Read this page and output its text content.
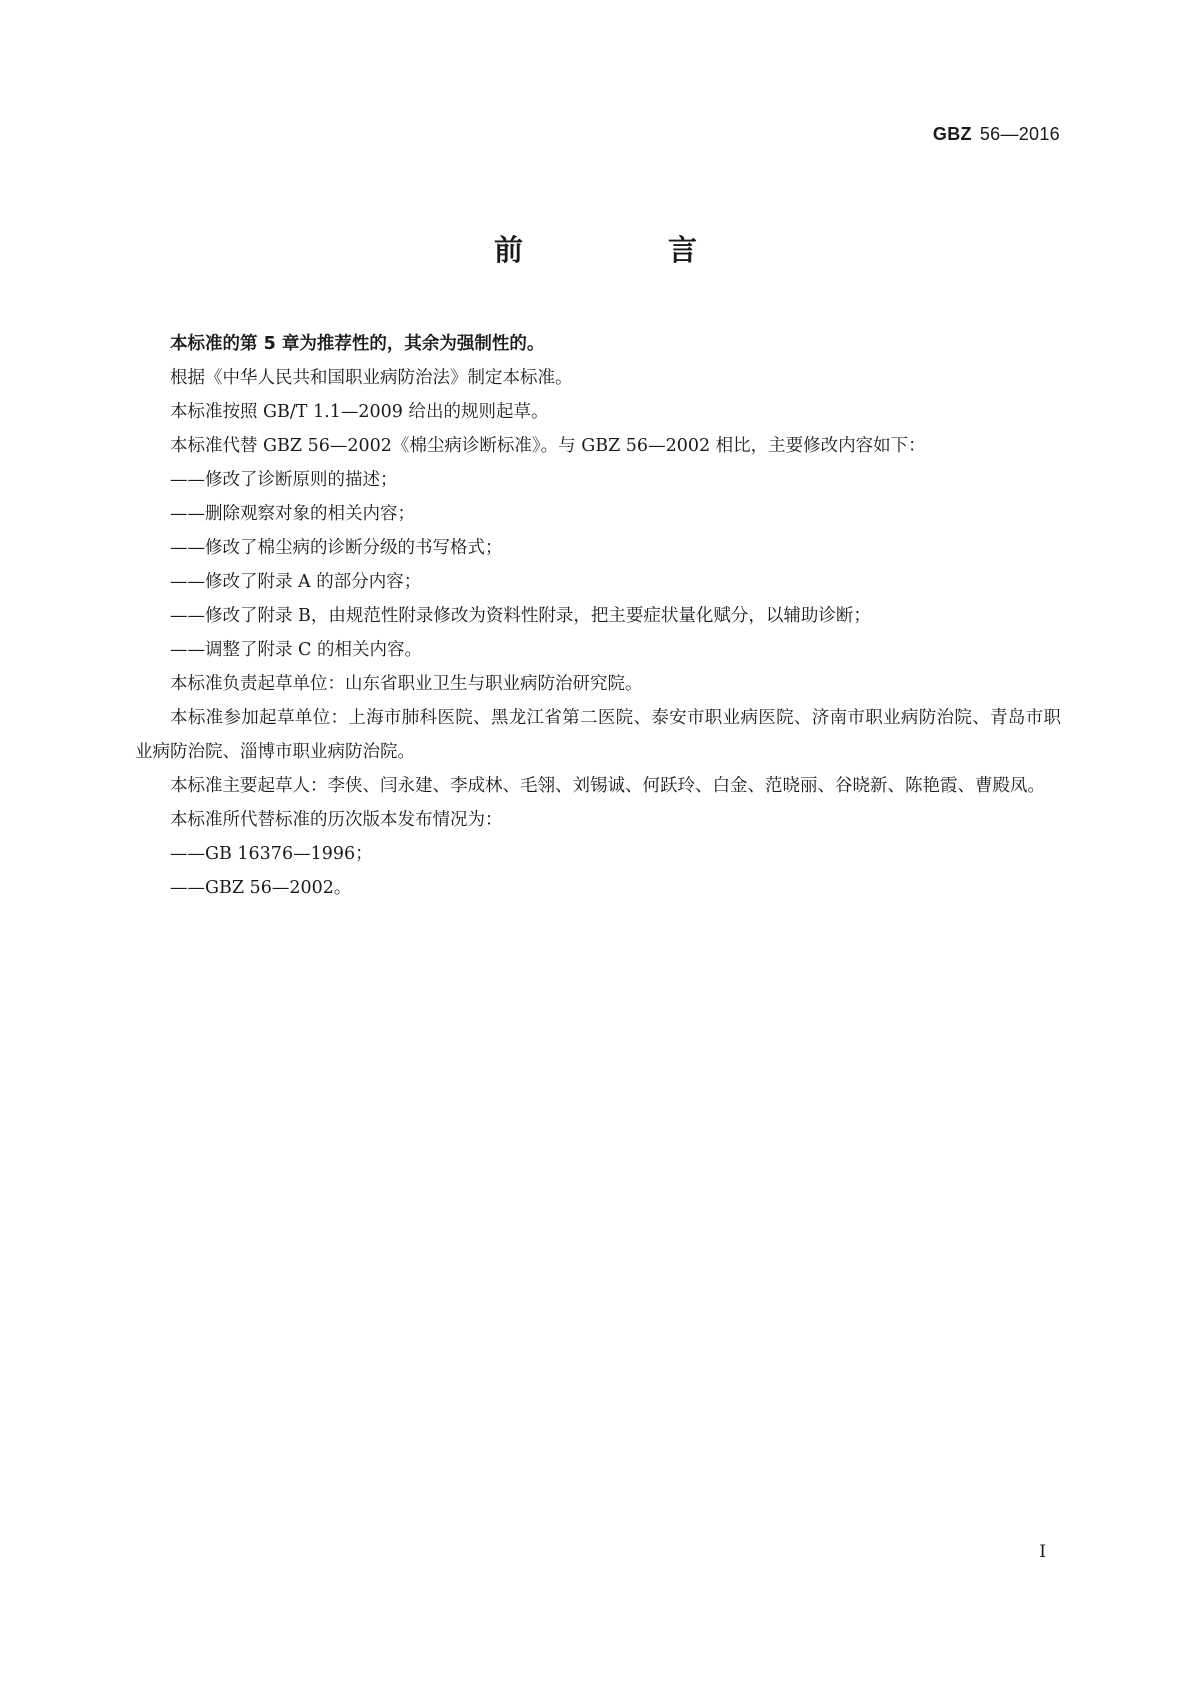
GBZ 56—2016
前　言

本标准的第 5 章为推荐性的，其余为强制性的。

根据《中华人民共和国职业病防治法》制定本标准。

本标准按照 GB/T 1.1—2009 给出的规则起草。

本标准代替 GBZ 56—2002《棉尘病诊断标准》。与 GBZ 56—2002 相比，主要修改内容如下：

——修改了诊断原则的描述；

——删除观察对象的相关内容；

——修改了棉尘病的诊断分级的书写格式；

——修改了附录 A 的部分内容；

——修改了附录 B，由规范性附录修改为资料性附录，把主要症状量化赋分，以辅助诊断；

——调整了附录 C 的相关内容。

本标准负责起草单位：山东省职业卫生与职业病防治研究院。

本标准参加起草单位：上海市肺科医院、黑龙江省第二医院、泰安市职业病医院、济南市职业病防治院、青岛市职业病防治院、淄博市职业病防治院。

本标准主要起草人：李侠、闫永建、李成林、毛翎、刘锡诚、何跃玲、白金、范晓丽、谷晓新、陈艳霞、曹殿凤。

本标准所代替标准的历次版本发布情况为：

——GB 16376—1996；

——GBZ 56—2002。

I
